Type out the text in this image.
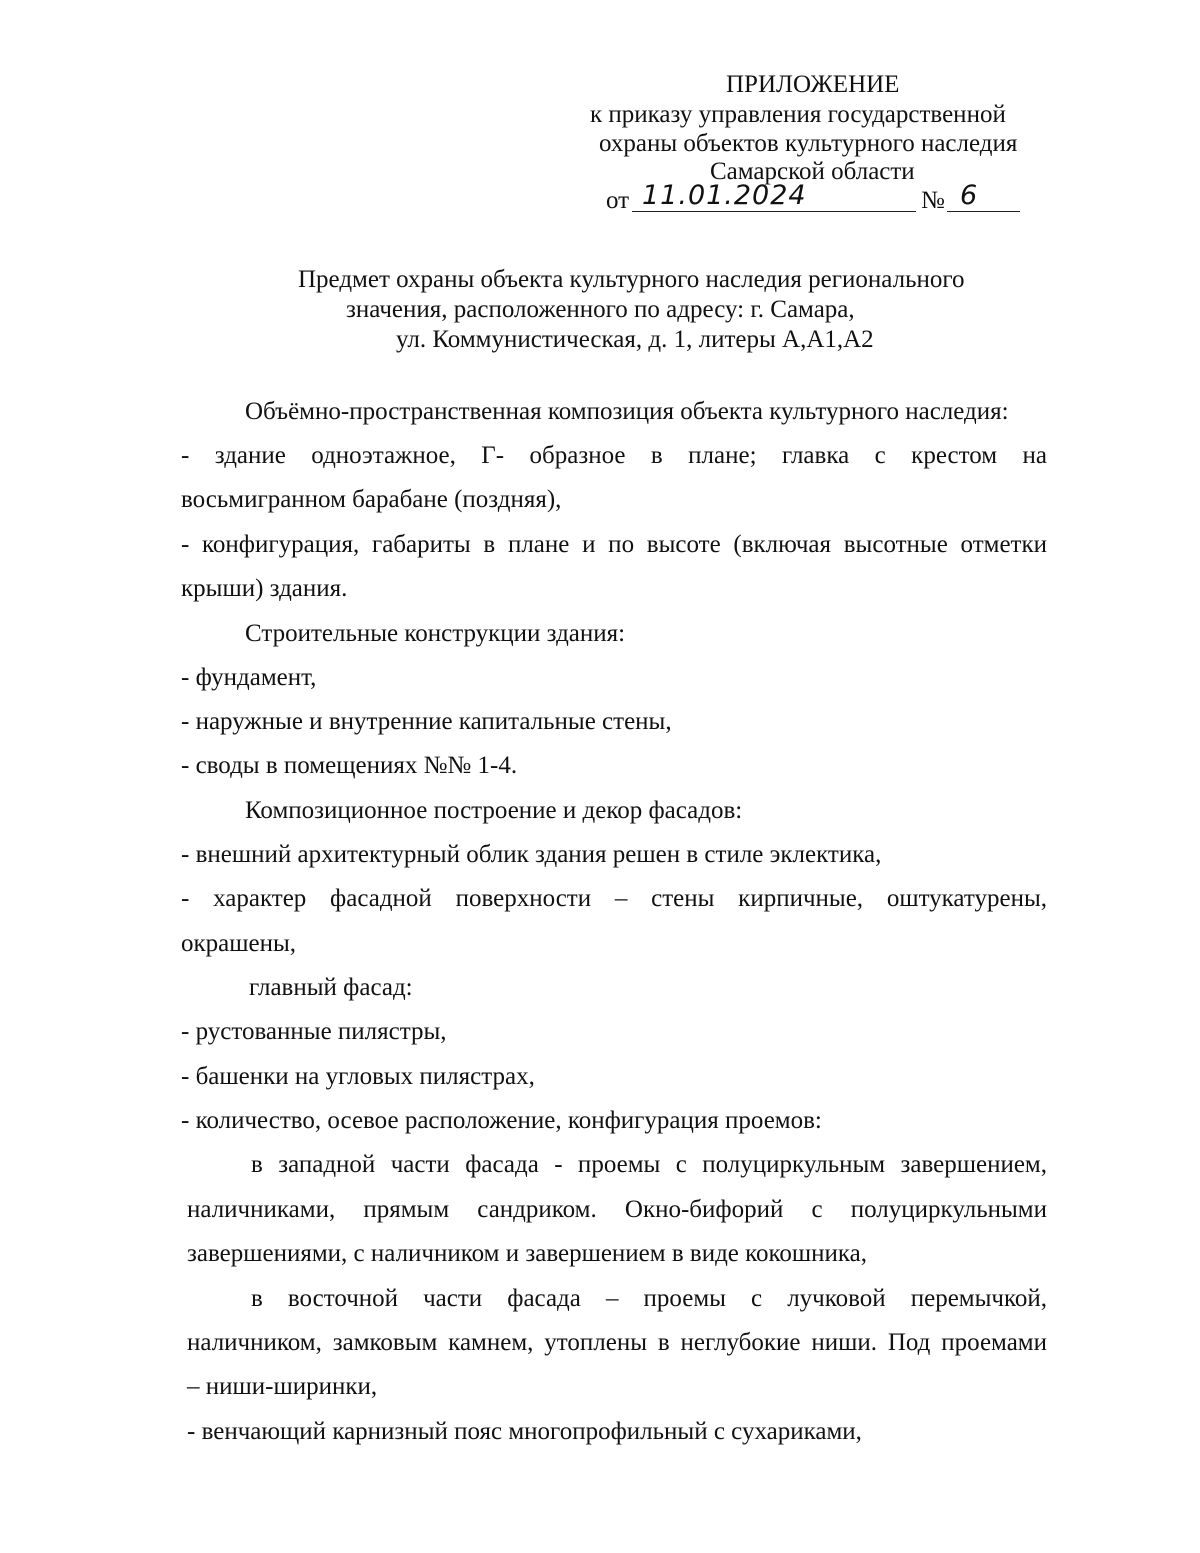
ПРИЛОЖЕНИЕ
к приказу управления государственной
охраны объектов культурного наследия
Самарской области
от 11.01.2024	№ 6
Предмет охраны объекта культурного наследия регионального
значения, расположенного по адресу: г. Самара,
ул. Коммунистическая, д. 1, литеры А,А1,А2
Объёмно-пространственная композиция объекта культурного наследия:
- здание одноэтажное, Г- образное в плане; главка с крестом на
восьмигранном барабане (поздняя),
- конфигурация, габариты в плане и по высоте (включая высотные отметки
крыши) здания.
Строительные конструкции здания:
- фундамент,
- наружные и внутренние капитальные стены,
- своды в помещениях №№ 1-4.
Композиционное построение и декор фасадов:
- внешний архитектурный облик здания решен в стиле эклектика,
- характер фасадной поверхности – стены кирпичные, оштукатурены,
окрашены,
главный фасад:
- рустованные пилястры,
- башенки на угловых пилястрах,
- количество, осевое расположение, конфигурация проемов:
в западной части фасада - проемы с полуциркульным завершением,
наличниками, прямым сандриком. Окно-бифорий с полуциркульными
завершениями, с наличником и завершением в виде кокошника,
в восточной части фасада – проемы с лучковой перемычкой,
наличником, замковым камнем, утоплены в неглубокие ниши. Под проемами
– ниши-ширинки,
- венчающий карнизный пояс многопрофильный с сухариками,
